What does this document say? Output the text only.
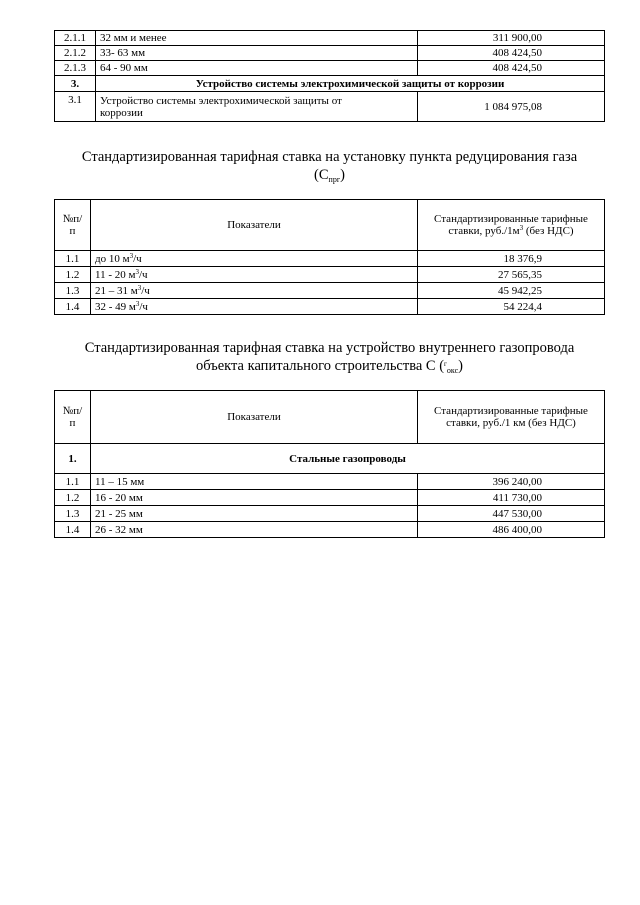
2.1.1	32 мм и менее	311 900,00
2.1.2	33- 63 мм	408 424,50
2.1.3	64 - 90 мм	408 424,50
3.	Устройство системы электрохимической защиты от коррозии	
3.1	Устройство системы электрохимической защиты от коррозии	1 084 975,08
Стандартизированная тарифная ставка на установку пункта редуцирования газа
$(С_{прг})$
№п/ п	Показатели	Стандартизированные тарифные ставки, $руб./1м^3$ (без НДС)
1.1	до 10 $м^3/ч$	18 376,9
1.2	11 - 20 $м^3/ч$	27 565,35
1.3	21 – 31 $м^3/ч$	45 942,25
1.4	32 - 49 $м^3/ч$	54 224,4
Стандартизированная тарифная ставка на устройство внутреннего газопровода
объекта капитального строительства С ($^г_{окс}$)
№п/ п	Показатели	Стандартизированные тарифные ставки, руб./1 км (без НДС)
1.	Стальные газопроводы	
1.1	11 – 15 мм	396 240,00
1.2	16 - 20 мм	411 730,00
1.3	21 - 25 мм	447 530,00
1.4	26 - 32 мм	486 400,00
